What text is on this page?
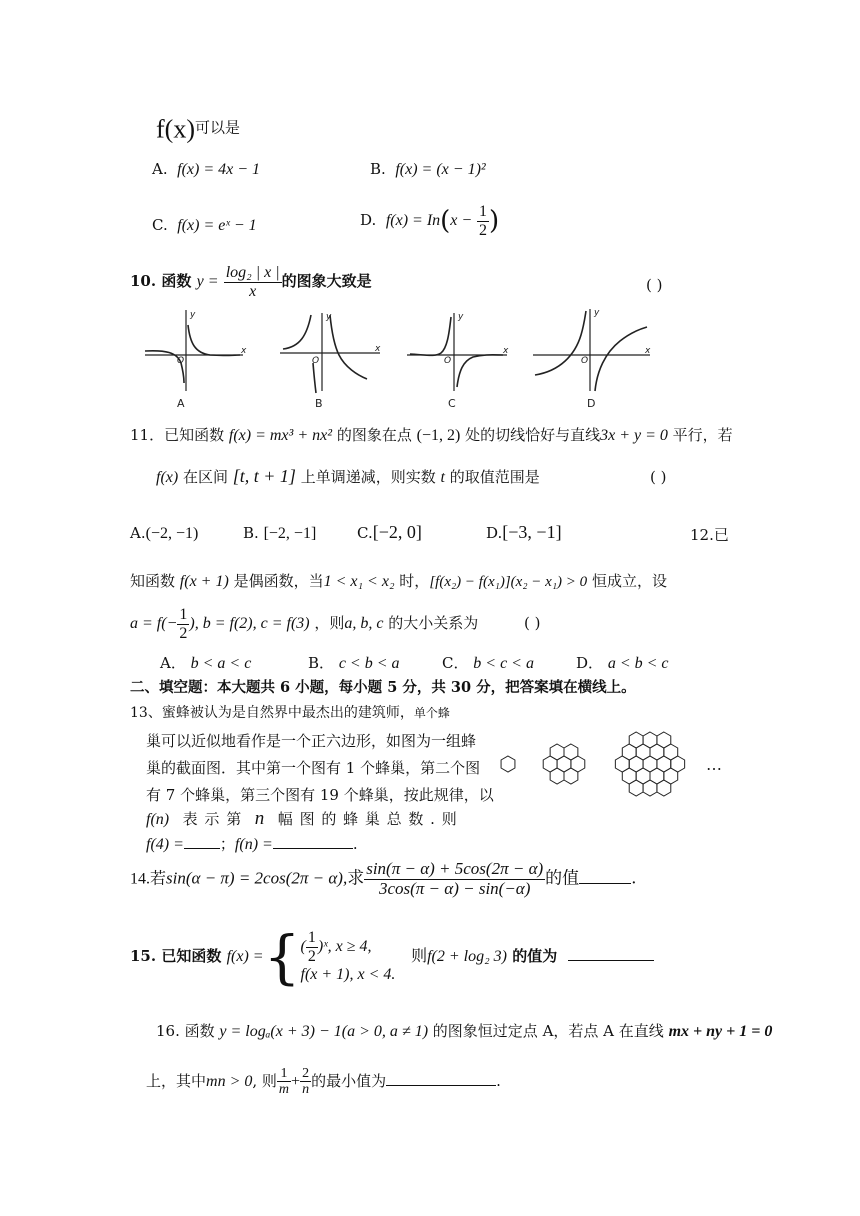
f(x)可以是
A. f(x) = 4x − 1	B. f(x) = (x − 1)²
C. f(x) = eˣ − 1	D. $f(x) = In(x - \frac{1}{2}$ )
10. 函数 $y = \frac{\text{log₂ | x |}}{x}$ 的图象大致是	( )
y
x
O
y
x
O
y
x
O
y
x
O
A	B	C	D
11．已知函数 f(x) = mx³ + nx² 的图象在点 (−1, 2) 处的切线恰好与直线3x + y = 0 平行，若
f(x) 在区间 [t, t + 1] 上单调递减，则实数 t 的取值范围是	( )
A.(−2, −1)	B. [−2, −1]	C.[−2, 0]	D.[−3, −1]	12.已
知函数 f(x + 1) 是偶函数，当1 < x₁ < x₂ 时，[f(x₂) − f(x₁)](x₂ − x₁) > 0 恒成立，设
$a = f(- \frac{1}{2}$ ), b = f(2), c = f(3) ，则a, b, c 的大小关系为	( )
A． b < a < c	B． c < b < a	C． b < c < a	D． a < b < c
二、填空题：本大题共 6 小题，每小题 5 分，共 30 分，把答案填在横线上。
13、蜜蜂被认为是自然界中最杰出的建筑师，单个蜂
巢可以近似地看作是一个正六边形，如图为一组蜂
巢的截面图．其中第一个图有 1 个蜂巢，第二个图
有 7 个蜂巢，第三个图有 19 个蜂巢，按此规律，以
f(n) 表 示 第 n 幅 图 的 蜂 巢 总 数 . 则
f(4) = ；f(n) =	.
…
14.若sin(α − π) = 2cos(2π − α),求 $\frac{\sin(\pi - \alpha) + 5\cos(2\pi - \alpha)}{3\cos(\pi - \alpha) - \sin(-\alpha)}$ 的值	.
15. 已知函数 f(x) ={ ( $\frac{1}{2}$ )ˣ, x ≥ 4,
f(x + 1), x < 4.
则f(2 + log₂ 3) 的值为
16. 函数 y = logₐ(x + 3) − 1(a > 0, a ≠ 1) 的图象恒过定点 A，若点 A 在直线 mx + ny + 1 = 0
上，其中mn > 0, 则 $\frac{1}{m} + \frac{2}{n}$ 的最小值为	.
